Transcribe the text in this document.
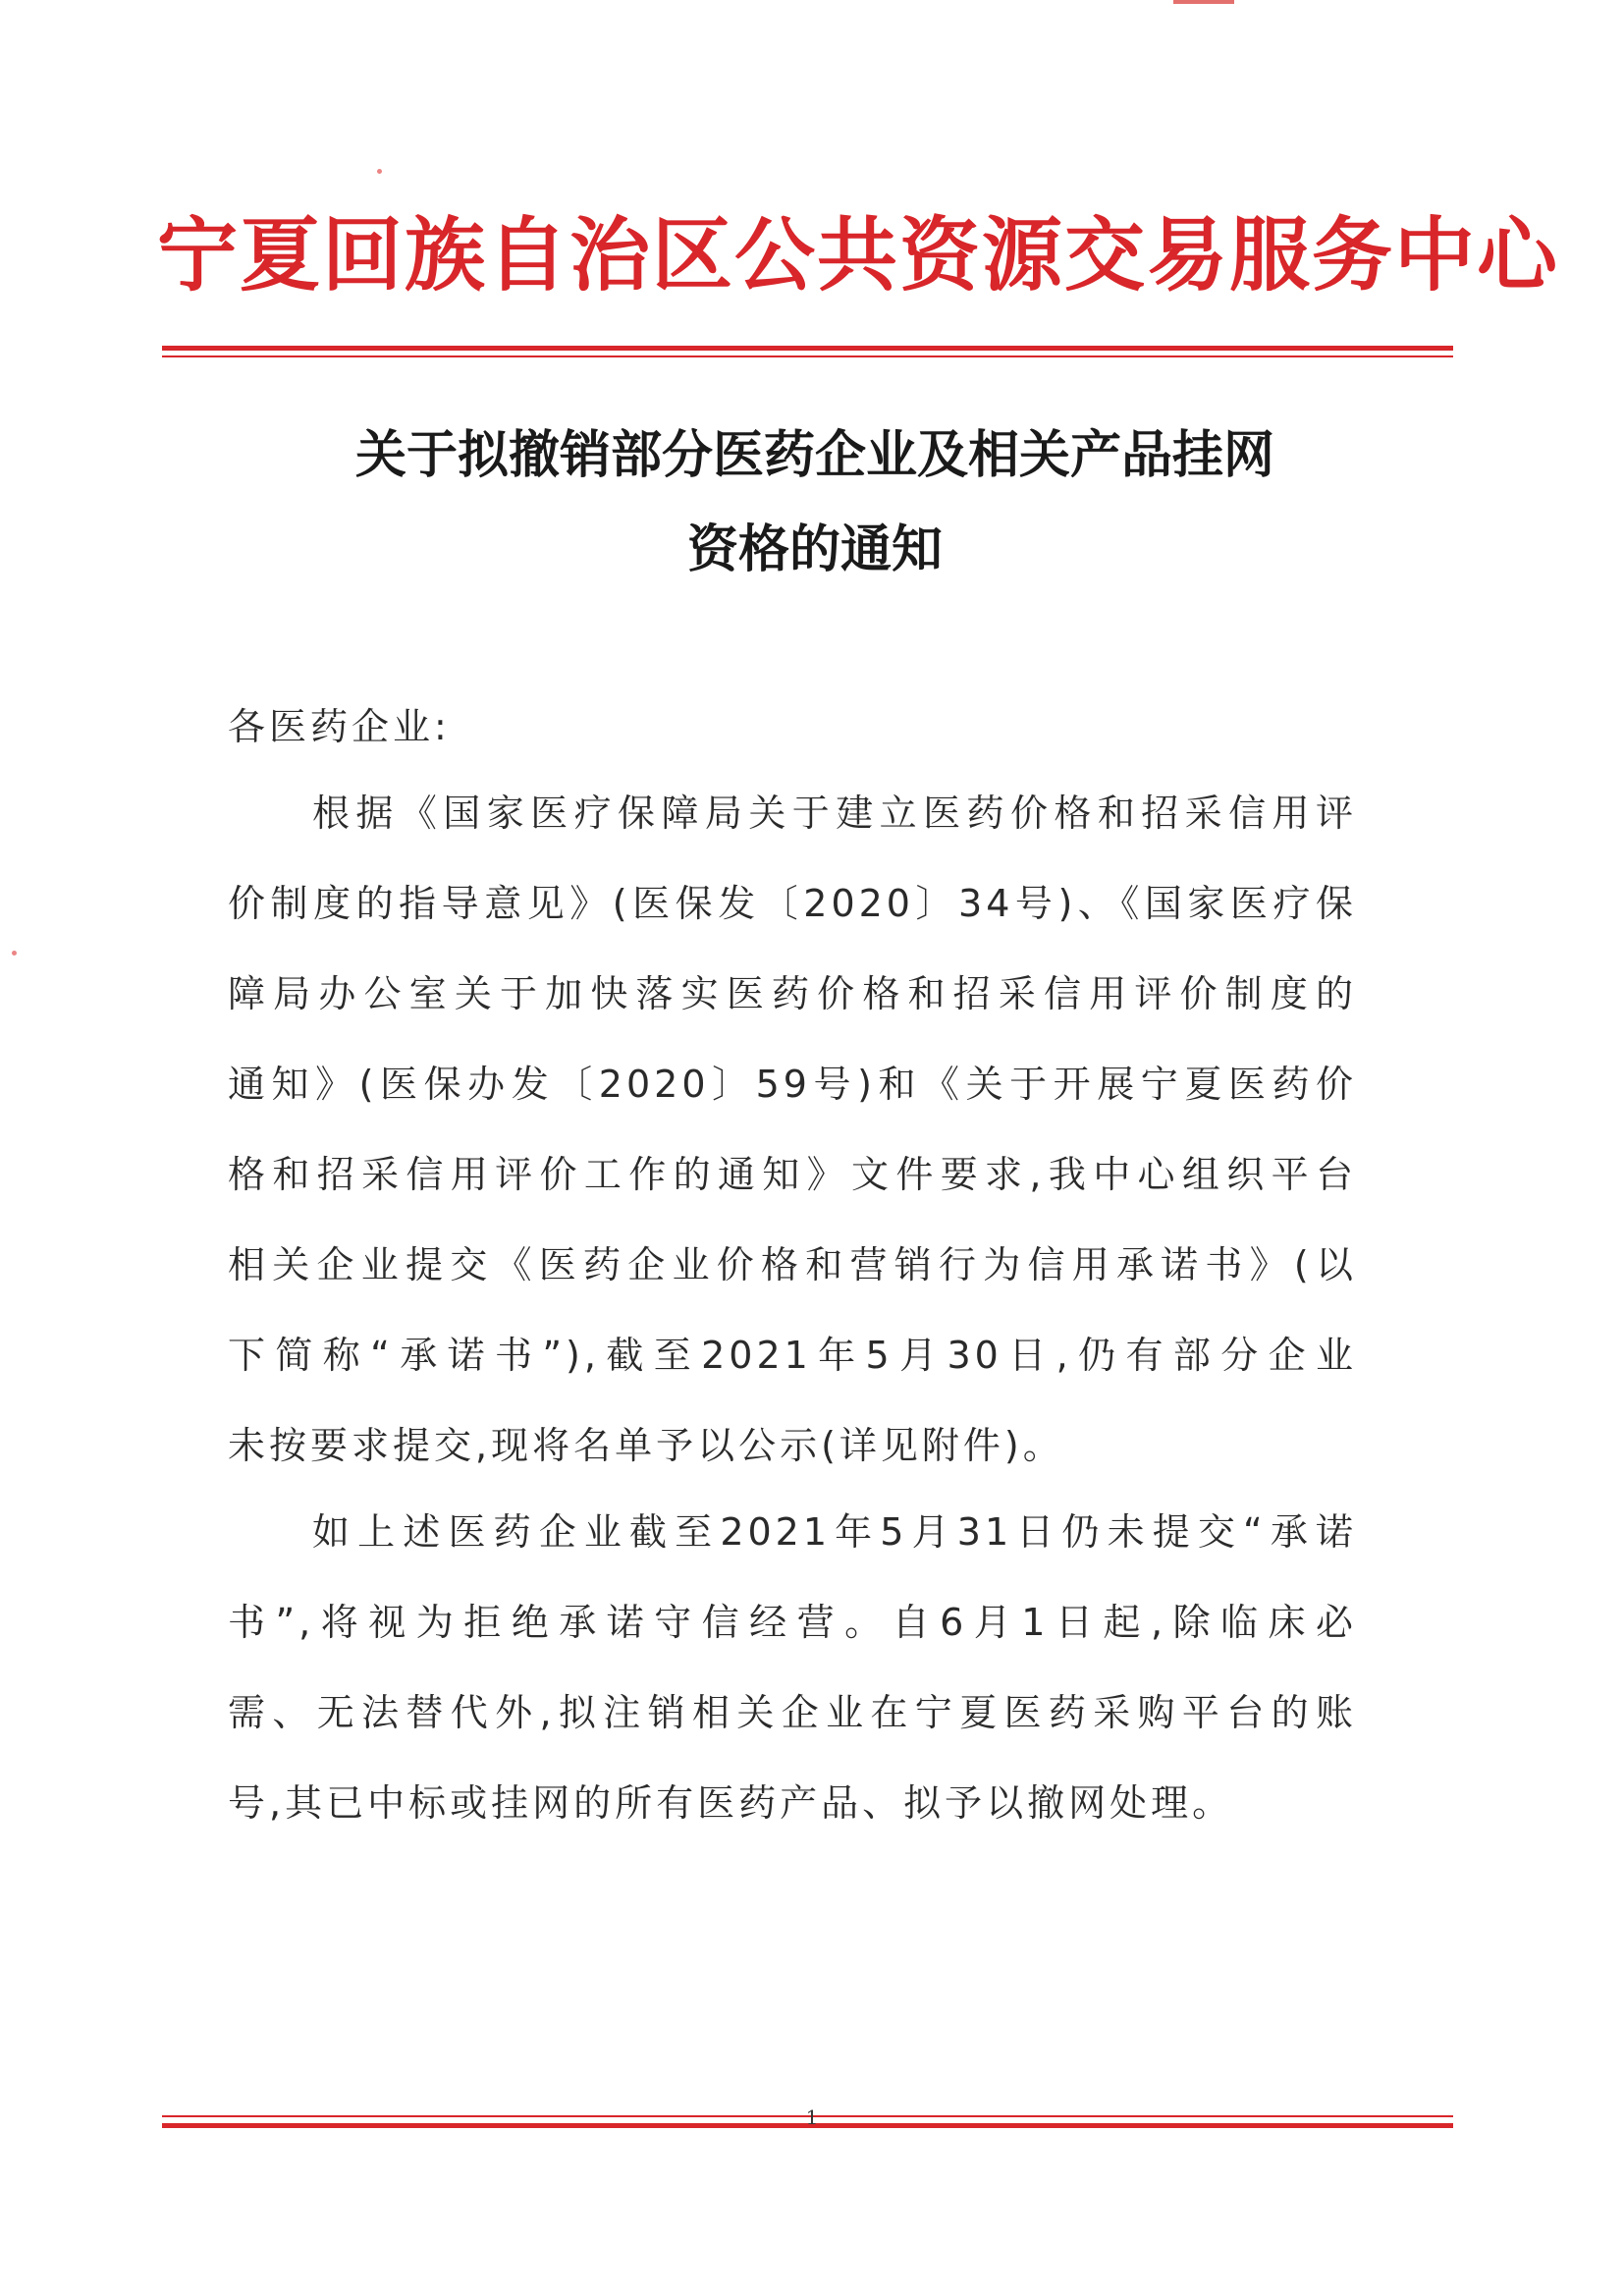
宁夏回族自治区公共资源交易服务中心
关于拟撤销部分医药企业及相关产品挂网
资格的通知
各医药企业:
根据《国家医疗保障局关于建立医药价格和招采信用评
价制度的指导意见》(医保发〔2020〕34号)、《国家医疗保
障局办公室关于加快落实医药价格和招采信用评价制度的
通知》(医保办发〔2020〕59号)和《关于开展宁夏医药价
格和招采信用评价工作的通知》文件要求,我中心组织平台
相关企业提交《医药企业价格和营销行为信用承诺书》(以
下简称“承诺书”),截至2021年5月30日,仍有部分企业
未按要求提交,现将名单予以公示(详见附件)。
如上述医药企业截至2021年5月31日仍未提交“承诺
书”,将视为拒绝承诺守信经营。自6月1日起,除临床必
需、无法替代外,拟注销相关企业在宁夏医药采购平台的账
号,其已中标或挂网的所有医药产品、拟予以撤网处理。
1
